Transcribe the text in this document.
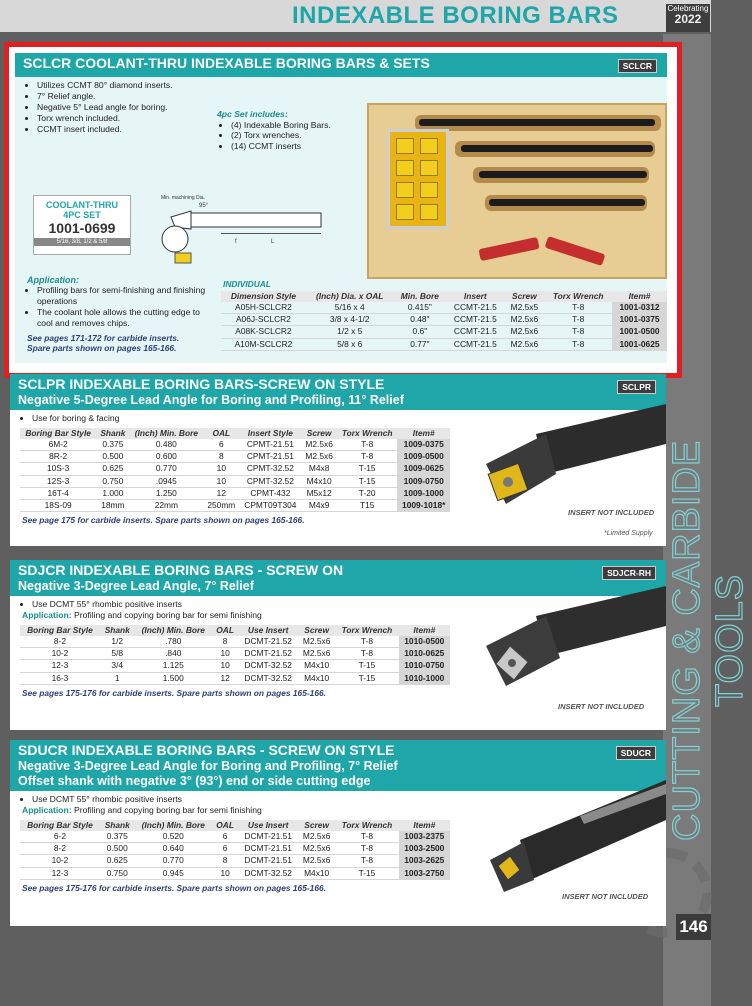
CUTTING & CARBIDE TOOLS
146
INDEXABLE BORING BARS	Celebrating
2022
SCLCR COOLANT-THRU INDEXABLE BORING BARS & SETS	SCLCR
• Utilizes CCMT 80° diamond inserts.
• 7° Relief angle.
• Negative 5° Lead angle for boring.
• Torx wrench included.
• CCMT insert included.
4pc Set includes:
• (4) Indexable Boring Bars.
• (2) Torx wrenches.
• (14) CCMT inserts
Min. machining Dia.
95°
L
f
COOLANT-THRU
4PC SET
1001-0699
5/16, 3/8, 1/2 & 5/8
Application:
• Profiling bars for semi-finishing and finishing operations
• The coolant hole allows the cutting edge to cool and removes chips.
See pages 171-172 for carbide inserts.
Spare parts shown on pages 165-166.
INDIVIDUAL
Dimension Style	(Inch) Dia. x OAL	Min. Bore	Insert	Screw	Torx Wrench	Item#
A05H-SCLCR2	5/16 x 4	0.415"	CCMT-21.5	M2.5x5	T-8	1001-0312
A06J-SCLCR2	3/8 x 4-1/2	0.48"	CCMT-21.5	M2.5x6	T-8	1001-0375
A08K-SCLCR2	1/2 x 5	0.6"	CCMT-21.5	M2.5x6	T-8	1001-0500
A10M-SCLCR2	5/8 x 6	0.77"	CCMT-21.5	M2.5x6	T-8	1001-0625
SCLPR INDEXABLE BORING BARS-SCREW ON STYLE
Negative 5-Degree Lead Angle for Boring and Profiling, 11° Relief
SCLPR
• Use for boring & facing
Boring Bar Style	Shank	(Inch) Min. Bore	OAL	Insert Style	Screw	Torx Wrench	Item#
6M-2	0.375	0.480	6	CPMT-21.51	M2.5x6	T-8	1009-0375
8R-2	0.500	0.600	8	CPMT-21.51	M2.5x6	T-8	1009-0500
10S-3	0.625	0.770	10	CPMT-32.52	M4x8	T-15	1009-0625
12S-3	0.750	.0945	10	CPMT-32.52	M4x10	T-15	1009-0750
16T-4	1.000	1.250	12	CPMT-432	M5x12	T-20	1009-1000
18S-09	18mm	22mm	250mm	CPMT09T304	M4x9	T15	1009-1018*
See page 175 for carbide inserts. Spare parts shown on pages 165-166.
INSERT NOT INCLUDED
*Limited Supply
SDJCR INDEXABLE BORING BARS - SCREW ON
Negative 3-Degree Lead Angle, 7° Relief
SDJCR-RH
• Use DCMT 55° rhombic positive inserts
Application: Profiling and copying boring bar for semi finishing
Boring Bar Style	Shank	(Inch) Min. Bore	OAL	Use Insert	Screw	Torx Wrench	Item#
8-2	1/2	.780	8	DCMT-21.52	M2.5x6	T-8	1010-0500
10-2	5/8	.840	10	DCMT-21.52	M2.5x6	T-8	1010-0625
12-3	3/4	1.125	10	DCMT-32.52	M4x10	T-15	1010-0750
16-3	1	1.500	12	DCMT-32.52	M4x10	T-15	1010-1000
See pages 175-176 for carbide inserts. Spare parts shown on pages 165-166.
INSERT NOT INCLUDED
SDUCR INDEXABLE BORING BARS - SCREW ON STYLE
Negative 3-Degree Lead Angle for Boring and Profiling, 7° Relief
Offset shank with negative 3° (93°) end or side cutting edge
SDUCR
• Use DCMT 55° rhombic positive inserts
Application: Profiling and copying boring bar for semi finishing
Boring Bar Style	Shank	(Inch) Min. Bore	OAL	Use Insert	Screw	Torx Wrench	Item#
6-2	0.375	0.520	6	DCMT-21.51	M2.5x6	T-8	1003-2375
8-2	0.500	0.640	6	DCMT-21.51	M2.5x6	T-8	1003-2500
10-2	0.625	0.770	8	DCMT-21.51	M2.5x6	T-8	1003-2625
12-3	0.750	0.945	10	DCMT-32.52	M4x10	T-15	1003-2750
See pages 175-176 for carbide inserts. Spare parts shown on pages 165-166.
INSERT NOT INCLUDED
